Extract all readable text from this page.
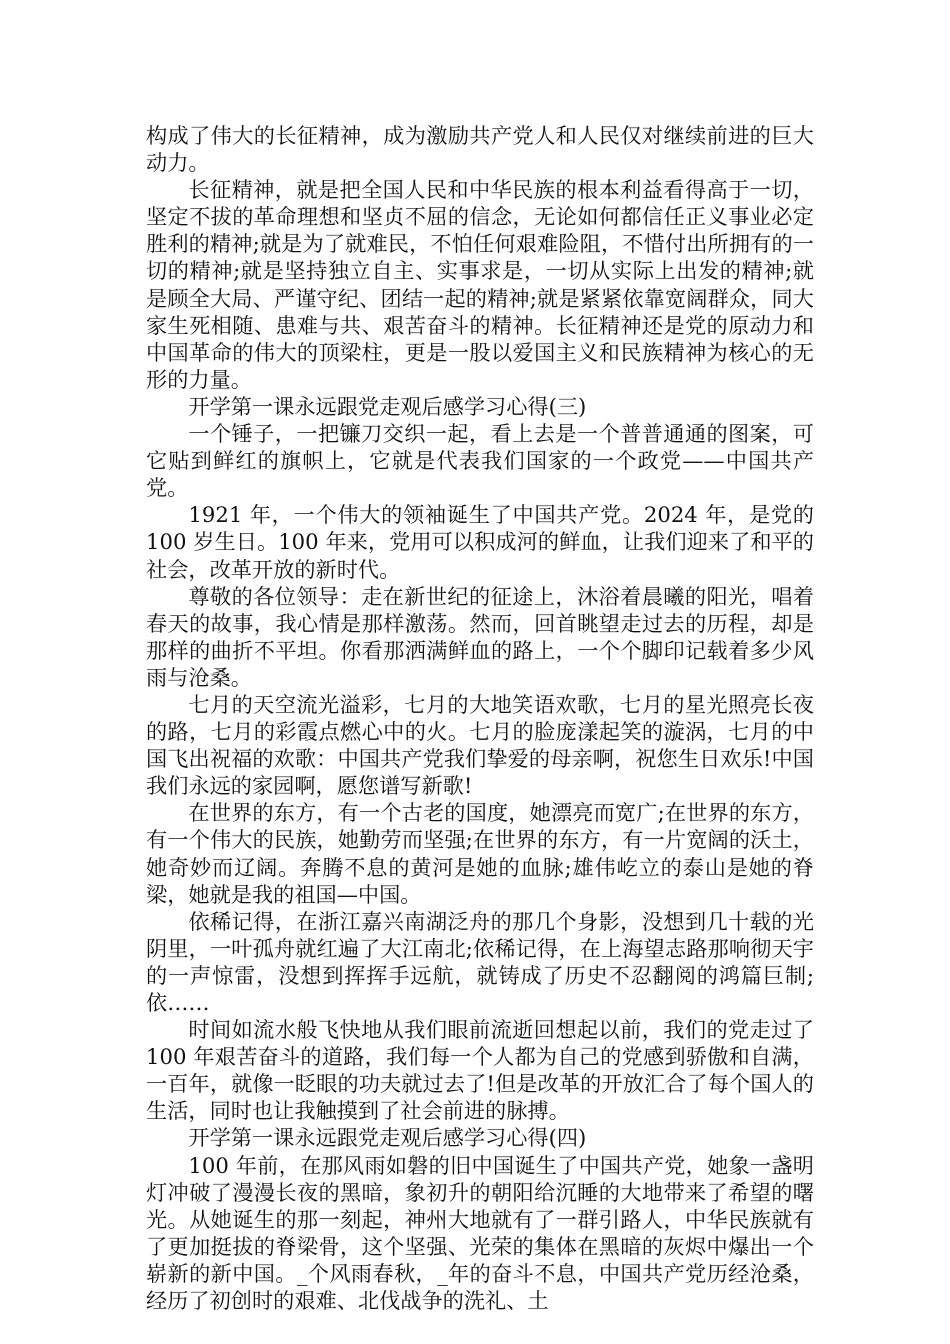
构成了伟大的长征精神，成为激励共产党人和人民仅对继续前进的巨大动力。

长征精神，就是把全国人民和中华民族的根本利益看得高于一切，坚定不拔的革命理想和坚贞不屈的信念，无论如何都信任正义事业必定胜利的精神;就是为了就难民，不怕任何艰难险阻，不惜付出所拥有的一切的精神;就是坚持独立自主、实事求是，一切从实际上出发的精神;就是顾全大局、严谨守纪、团结一起的精神;就是紧紧依靠宽阔群众，同大家生死相随、患难与共、艰苦奋斗的精神。长征精神还是党的原动力和中国革命的伟大的顶梁柱，更是一股以爱国主义和民族精神为核心的无形的力量。

开学第一课永远跟党走观后感学习心得(三)

一个锤子，一把镰刀交织一起，看上去是一个普普通通的图案，可它贴到鲜红的旗帜上，它就是代表我们国家的一个政党——中国共产党。

1921 年，一个伟大的领袖诞生了中国共产党。2024 年，是党的 100 岁生日。100 年来，党用可以积成河的鲜血，让我们迎来了和平的社会，改革开放的新时代。

尊敬的各位领导：走在新世纪的征途上，沐浴着晨曦的阳光，唱着春天的故事，我心情是那样激荡。然而，回首眺望走过去的历程，却是那样的曲折不平坦。你看那洒满鲜血的路上，一个个脚印记载着多少风雨与沧桑。

七月的天空流光溢彩，七月的大地笑语欢歌，七月的星光照亮长夜的路，七月的彩霞点燃心中的火。七月的脸庞漾起笑的漩涡，七月的中国飞出祝福的欢歌：中国共产党我们挚爱的母亲啊，祝您生日欢乐!中国我们永远的家园啊，愿您谱写新歌!

在世界的东方，有一个古老的国度，她漂亮而宽广;在世界的东方，有一个伟大的民族，她勤劳而坚强;在世界的东方，有一片宽阔的沃土，她奇妙而辽阔。奔腾不息的黄河是她的血脉;雄伟屹立的泰山是她的脊梁，她就是我的祖国—中国。

依稀记得，在浙江嘉兴南湖泛舟的那几个身影，没想到几十载的光阴里，一叶孤舟就红遍了大江南北;依稀记得，在上海望志路那响彻天宇的一声惊雷，没想到挥挥手远航，就铸成了历史不忍翻阅的鸿篇巨制;依……

时间如流水般飞快地从我们眼前流逝回想起以前，我们的党走过了 100 年艰苦奋斗的道路，我们每一个人都为自己的党感到骄傲和自满，一百年，就像一眨眼的功夫就过去了!但是改革的开放汇合了每个国人的生活，同时也让我触摸到了社会前进的脉搏。

开学第一课永远跟党走观后感学习心得(四)

100 年前，在那风雨如磐的旧中国诞生了中国共产党，她象一盏明灯冲破了漫漫长夜的黑暗，象初升的朝阳给沉睡的大地带来了希望的曙光。从她诞生的那一刻起，神州大地就有了一群引路人，中华民族就有了更加挺拔的脊梁骨，这个坚强、光荣的集体在黑暗的灰烬中爆出一个崭新的新中国。_个风雨春秋，_年的奋斗不息，中国共产党历经沧桑，经历了初创时的艰难、北伐战争的洗礼、土
